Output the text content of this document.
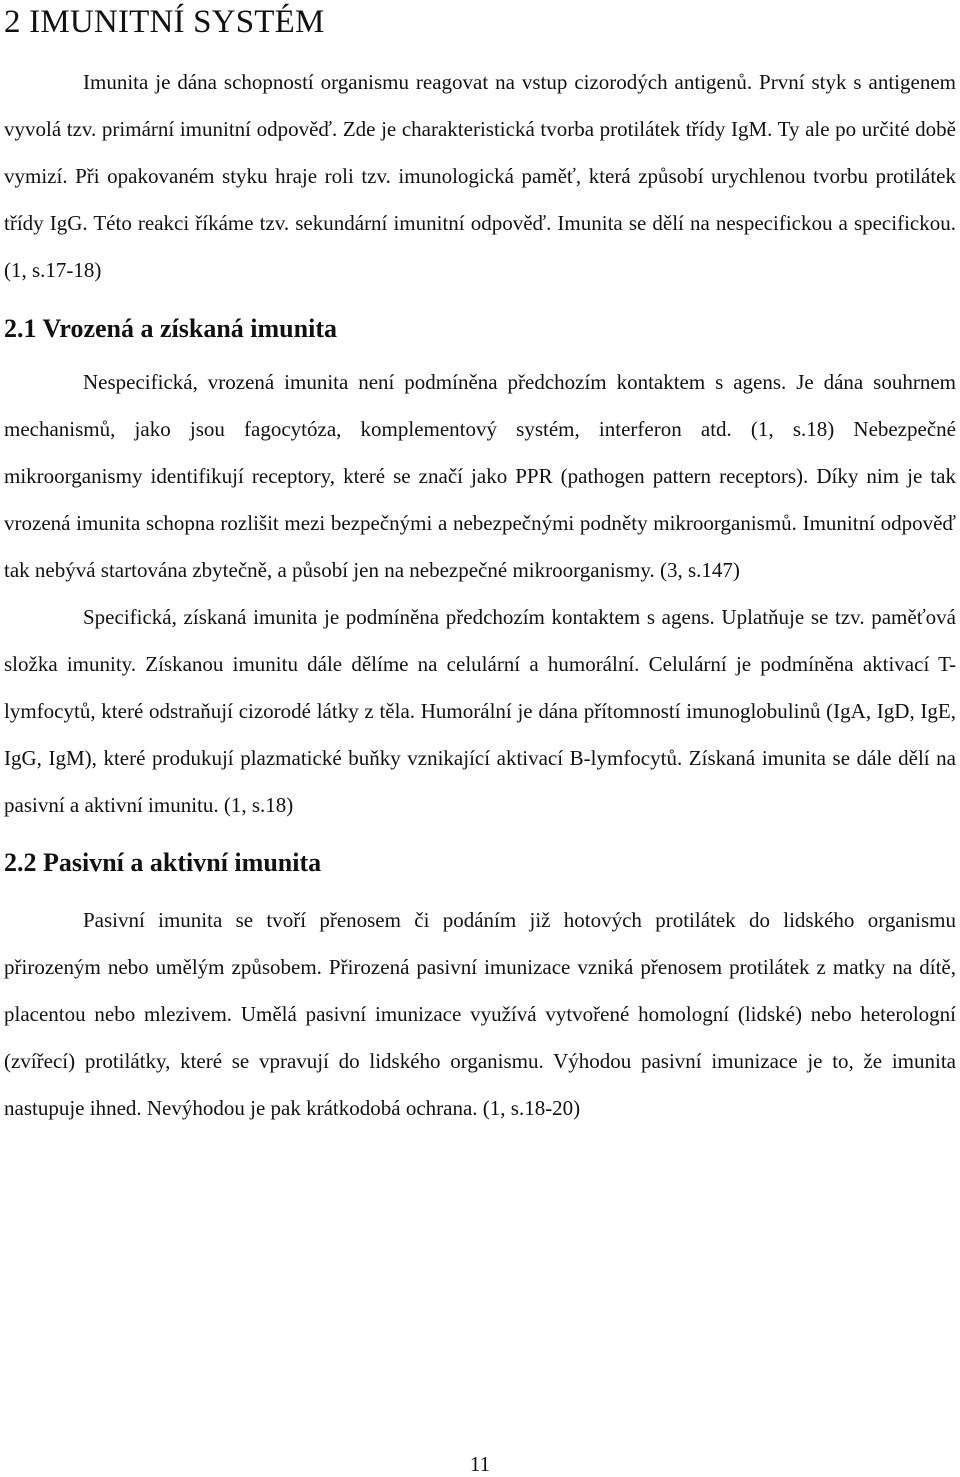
2 IMUNITNÍ SYSTÉM

Imunita je dána schopností organismu reagovat na vstup cizorodých antigenů. První styk s antigenem vyvolá tzv. primární imunitní odpověď. Zde je charakteristická tvorba protilátek třídy IgM. Ty ale po určité době vymizí. Při opakovaném styku hraje roli tzv. imunologická paměť, která způsobí urychlenou tvorbu protilátek třídy IgG. Této reakci říkáme tzv. sekundární imunitní odpověď. Imunita se dělí na nespecifickou a specifickou. (1, s.17-18)

2.1 Vrozená a získaná imunita

Nespecifická, vrozená imunita není podmíněna předchozím kontaktem s agens. Je dána souhrnem mechanismů, jako jsou fagocytóza, komplementový systém, interferon atd. (1, s.18) Nebezpečné mikroorganismy identifikují receptory, které se značí jako PPR (pathogen pattern receptors). Díky nim je tak vrozená imunita schopna rozlišit mezi bezpečnými a nebezpečnými podněty mikroorganismů. Imunitní odpověď tak nebývá startována zbytečně, a působí jen na nebezpečné mikroorganismy. (3, s.147)

Specifická, získaná imunita je podmíněna předchozím kontaktem s agens. Uplatňuje se tzv. paměťová složka imunity. Získanou imunitu dále dělíme na celulární a humorální. Celulární je podmíněna aktivací T-lymfocytů, které odstraňují cizorodé látky z těla. Humorální je dána přítomností imunoglobulinů (IgA, IgD, IgE, IgG, IgM), které produkují plazmatické buňky vznikající aktivací B-lymfocytů. Získaná imunita se dále dělí na pasivní a aktivní imunitu. (1, s.18)

2.2 Pasivní a aktivní imunita

Pasivní imunita se tvoří přenosem či podáním již hotových protilátek do lidského organismu přirozeným nebo umělým způsobem. Přirozená pasivní imunizace vzniká přenosem protilátek z matky na dítě, placentou nebo mlezivem. Umělá pasivní imunizace využívá vytvořené homologní (lidské) nebo heterologní (zvířecí) protilátky, které se vpravují do lidského organismu. Výhodou pasivní imunizace je to, že imunita nastupuje ihned. Nevýhodou je pak krátkodobá ochrana. (1, s.18-20)

11
